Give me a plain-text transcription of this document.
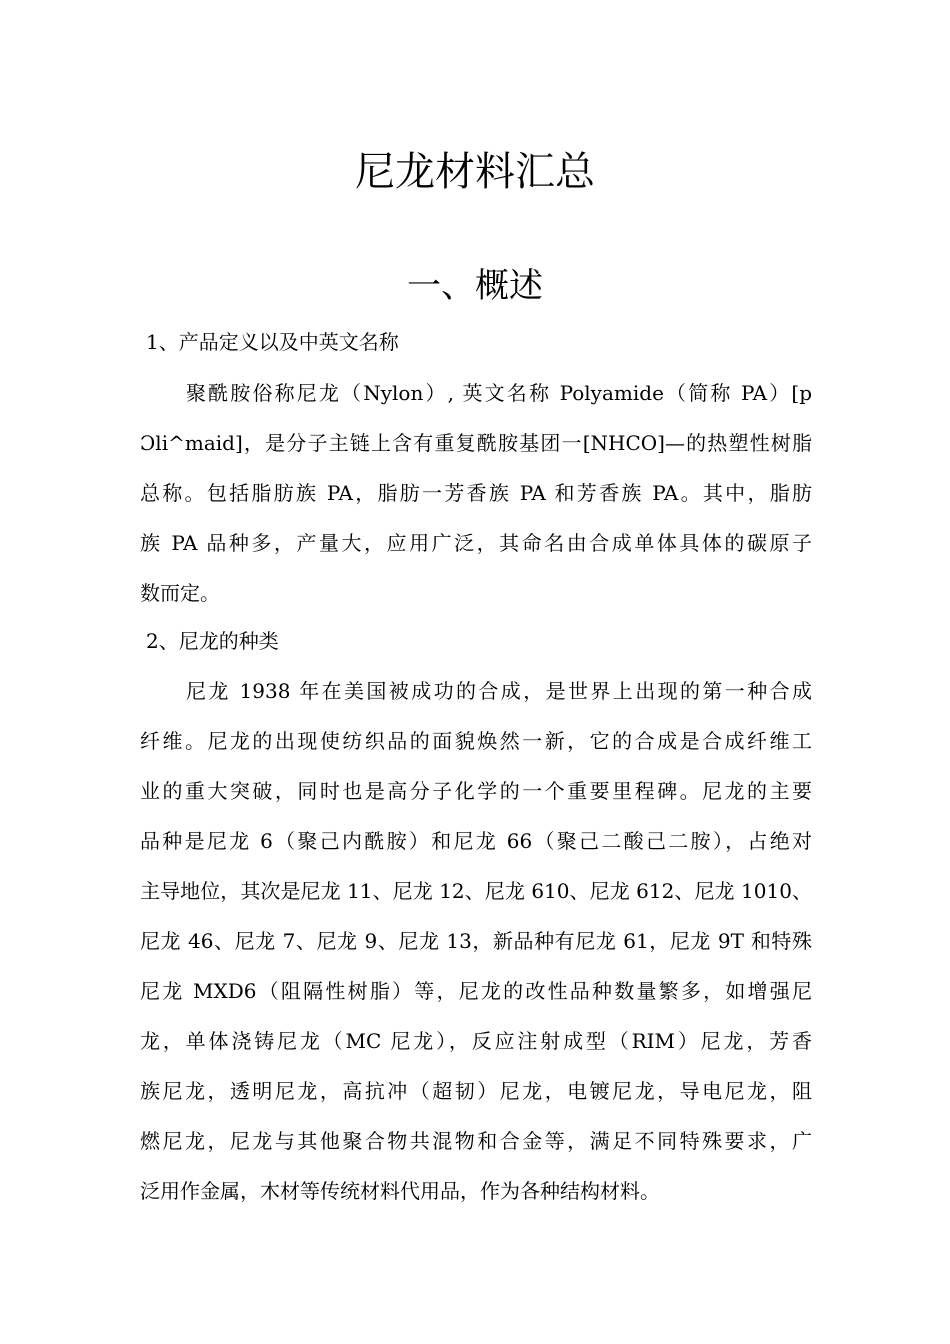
尼龙材料汇总
一、概述
1、产品定义以及中英文名称
聚酰胺俗称尼龙（Nylon）, 英文名称 Polyamide（简称 PA）[p
Ɔli^maid]，是分子主链上含有重复酰胺基团一[NHCO]—的热塑性树脂
总称。包括脂肪族 PA，脂肪一芳香族 PA 和芳香族 PA。其中，脂肪
族 PA 品种多，产量大，应用广泛，其命名由合成单体具体的碳原子
数而定。
2、尼龙的种类
尼龙 1938 年在美国被成功的合成，是世界上出现的第一种合成
纤维。尼龙的出现使纺织品的面貌焕然一新，它的合成是合成纤维工
业的重大突破，同时也是高分子化学的一个重要里程碑。尼龙的主要
品种是尼龙 6（聚己内酰胺）和尼龙 66（聚己二酸己二胺），占绝对
主导地位，其次是尼龙 11、尼龙 12、尼龙 610、尼龙 612、尼龙 1010、
尼龙 46、尼龙 7、尼龙 9、尼龙 13，新品种有尼龙 61，尼龙 9T 和特殊
尼龙 MXD6（阻隔性树脂）等，尼龙的改性品种数量繁多，如增强尼
龙，单体浇铸尼龙（MC 尼龙），反应注射成型（RIM）尼龙，芳香
族尼龙，透明尼龙，高抗冲（超韧）尼龙，电镀尼龙，导电尼龙，阻
燃尼龙，尼龙与其他聚合物共混物和合金等，满足不同特殊要求，广
泛用作金属，木材等传统材料代用品，作为各种结构材料。
